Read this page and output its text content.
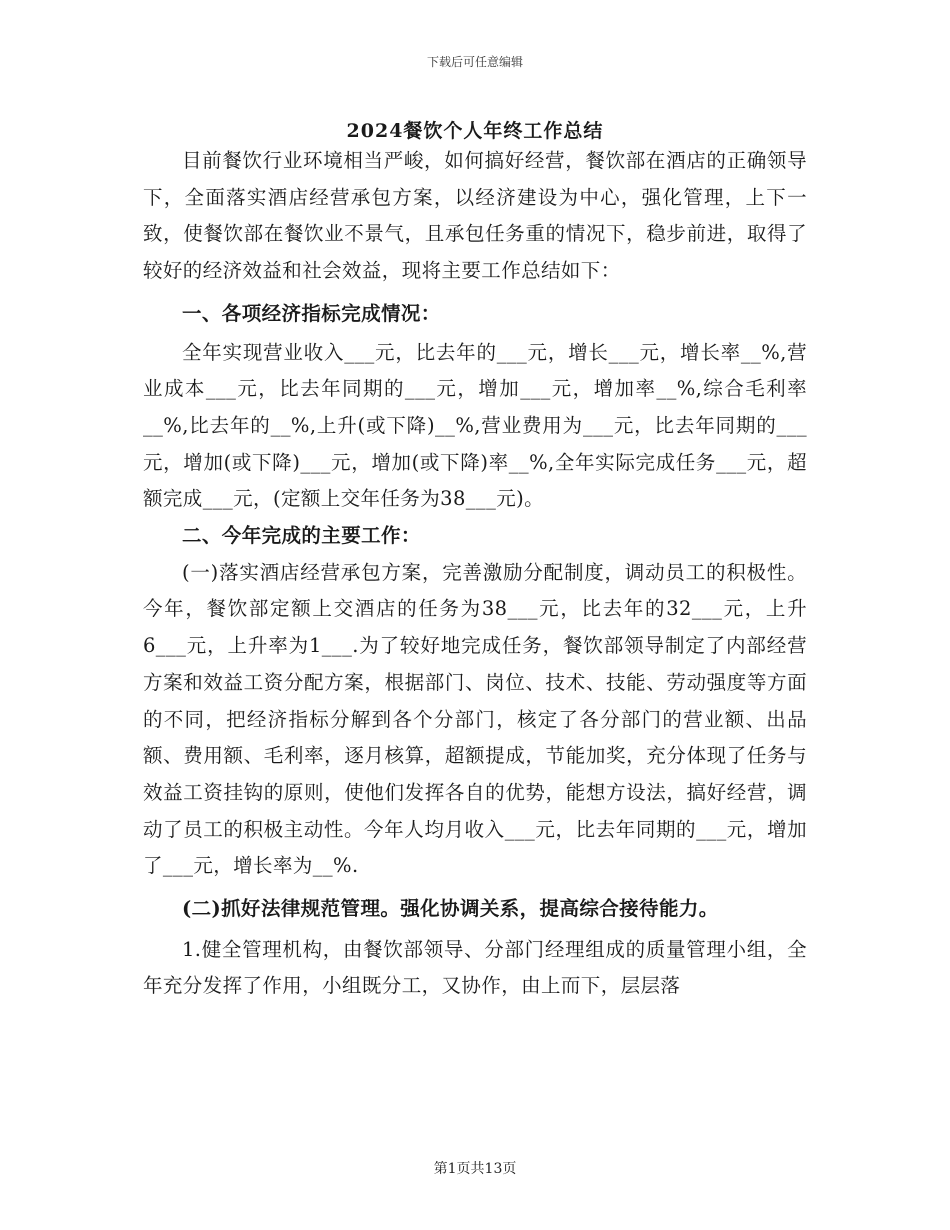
下载后可任意编辑
2024餐饮个人年终工作总结

目前餐饮行业环境相当严峻，如何搞好经营，餐饮部在酒店的正确领导下，全面落实酒店经营承包方案，以经济建设为中心，强化管理，上下一致，使餐饮部在餐饮业不景气，且承包任务重的情况下，稳步前进，取得了较好的经济效益和社会效益，现将主要工作总结如下：

一、各项经济指标完成情况：

全年实现营业收入___元，比去年的___元，增长___元，增长率__%,营业成本___元，比去年同期的___元，增加___元，增加率__%,综合毛利率__%,比去年的__%,上升(或下降)__%,营业费用为___元，比去年同期的___元，增加(或下降)___元，增加(或下降)率__%,全年实际完成任务___元，超额完成___元，(定额上交年任务为38___元)。

二、今年完成的主要工作：

(一)落实酒店经营承包方案，完善激励分配制度，调动员工的积极性。今年，餐饮部定额上交酒店的任务为38___元，比去年的32___元，上升6___元，上升率为1___.为了较好地完成任务，餐饮部领导制定了内部经营方案和效益工资分配方案，根据部门、岗位、技术、技能、劳动强度等方面的不同，把经济指标分解到各个分部门，核定了各分部门的营业额、出品额、费用额、毛利率，逐月核算，超额提成，节能加奖，充分体现了任务与效益工资挂钩的原则，使他们发挥各自的优势，能想方设法，搞好经营，调动了员工的积极主动性。今年人均月收入___元，比去年同期的___元，增加了___元，增长率为__%.

(二)抓好法律规范管理。强化协调关系，提高综合接待能力。

1.健全管理机构，由餐饮部领导、分部门经理组成的质量管理小组，全年充分发挥了作用，小组既分工，又协作，由上而下，层层落

第1页共13页
